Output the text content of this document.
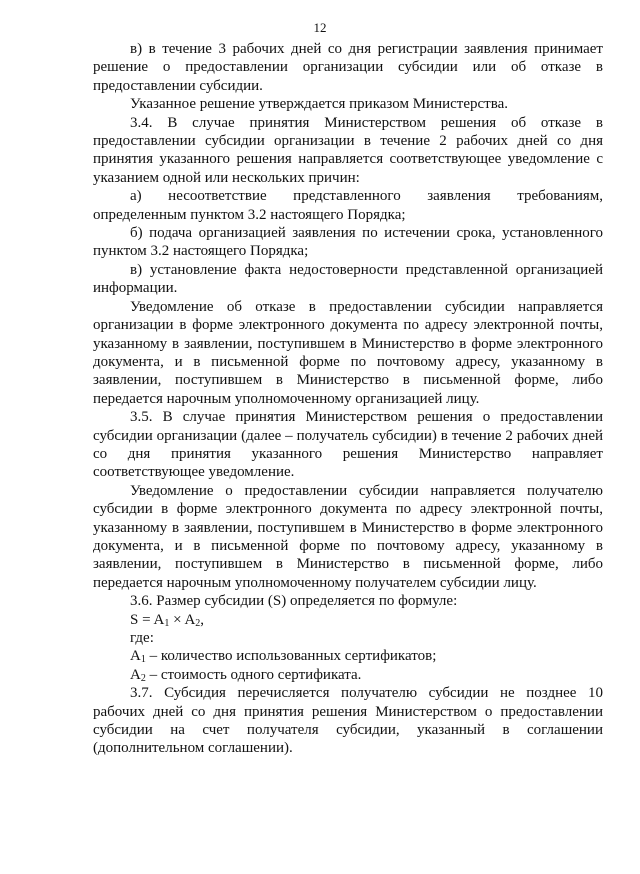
12

в) в течение 3 рабочих дней со дня регистрации заявления принимает решение о предоставлении организации субсидии или об отказе в предоставлении субсидии.

Указанное решение утверждается приказом Министерства.

3.4. В случае принятия Министерством решения об отказе в предоставлении субсидии организации в течение 2 рабочих дней со дня принятия указанного решения направляется соответствующее уведомление с указанием одной или нескольких причин:

а) несоответствие представленного заявления требованиям, определенным пунктом 3.2 настоящего Порядка;

б) подача организацией заявления по истечении срока, установленного пунктом 3.2 настоящего Порядка;

в) установление факта недостоверности представленной организацией информации.

Уведомление об отказе в предоставлении субсидии направляется организации в форме электронного документа по адресу электронной почты, указанному в заявлении, поступившем в Министерство в форме электронного документа, и в письменной форме по почтовому адресу, указанному в заявлении, поступившем в Министерство в письменной форме, либо передается нарочным уполномоченному организацией лицу.

3.5. В случае принятия Министерством решения о предоставлении субсидии организации (далее – получатель субсидии) в течение 2 рабочих дней со дня принятия указанного решения Министерство направляет соответствующее уведомление.

Уведомление о предоставлении субсидии направляется получателю субсидии в форме электронного документа по адресу электронной почты, указанному в заявлении, поступившем в Министерство в форме электронного документа, и в письменной форме по почтовому адресу, указанному в заявлении, поступившем в Министерство в письменной форме, либо передается нарочным уполномоченному получателем субсидии лицу.

3.6. Размер субсидии (S) определяется по формуле:

$S = A_1 \times A_2$,

где:

$A_1$ – количество использованных сертификатов;

$A_2$ – стоимость одного сертификата.

3.7. Субсидия перечисляется получателю субсидии не позднее 10 рабочих дней со дня принятия решения Министерством о предоставлении субсидии на счет получателя субсидии, указанный в соглашении (дополнительном соглашении).
